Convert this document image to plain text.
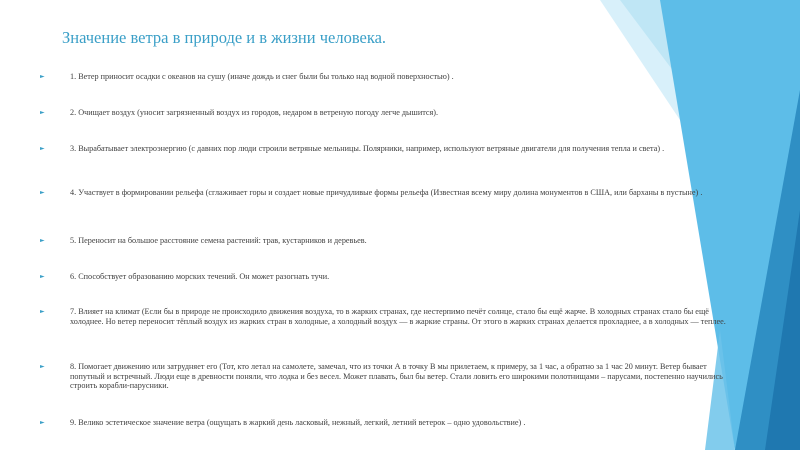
Значение ветра в природе и в жизни человека.
►	1. Ветер приносит осадки с океанов на сушу (иначе дождь и снег были бы только над водной поверхностью) .
►	2. Очищает воздух (уносит загрязненный воздух из городов, недаром в ветреную погоду легче дышится).
►	3. Вырабатывает электроэнергию (с давних пор люди строили ветряные мельницы. Полярники, например, используют ветряные двигатели для получения тепла и света) .
►	4. Участвует в формировании рельефа (сглаживает горы и создает новые причудливые формы рельефа (Известная всему миру долина монументов в США, или барханы в пустыне) .
►	5. Переносит на большое расстояние семена растений: трав, кустарников и деревьев.
►	6. Способствует образованию морских течений. Он может разогнать тучи.
►	7. Влияет на климат (Если бы в природе не происходило движения воздуха, то в жарких странах, где нестерпимо печёт солнце, стало бы ещё жарче. В холодных странах стало бы ещё холоднее. Но ветер переносит тёплый воздух из жарких стран в холодные, а холодный воздух — в жаркие страны. От этого в жарких странах делается прохладнее, а в холодных — теплее.
►	8. Помогает движению или затрудняет его (Тот, кто летал на самолете, замечал, что из точки А в точку В мы прилетаем, к примеру, за 1 час, а обратно за 1 час 20 минут. Ветер бывает попутный и встречный. Люди еще в древности поняли, что лодка и без весел. Может плавать, был бы ветер. Стали ловить его широкими полотнищами – парусами, постепенно научились строить корабли-парусники.
►	9. Велико эстетическое значение ветра (ощущать в жаркий день ласковый, нежный, легкий, летний ветерок – одно удовольствие) .
